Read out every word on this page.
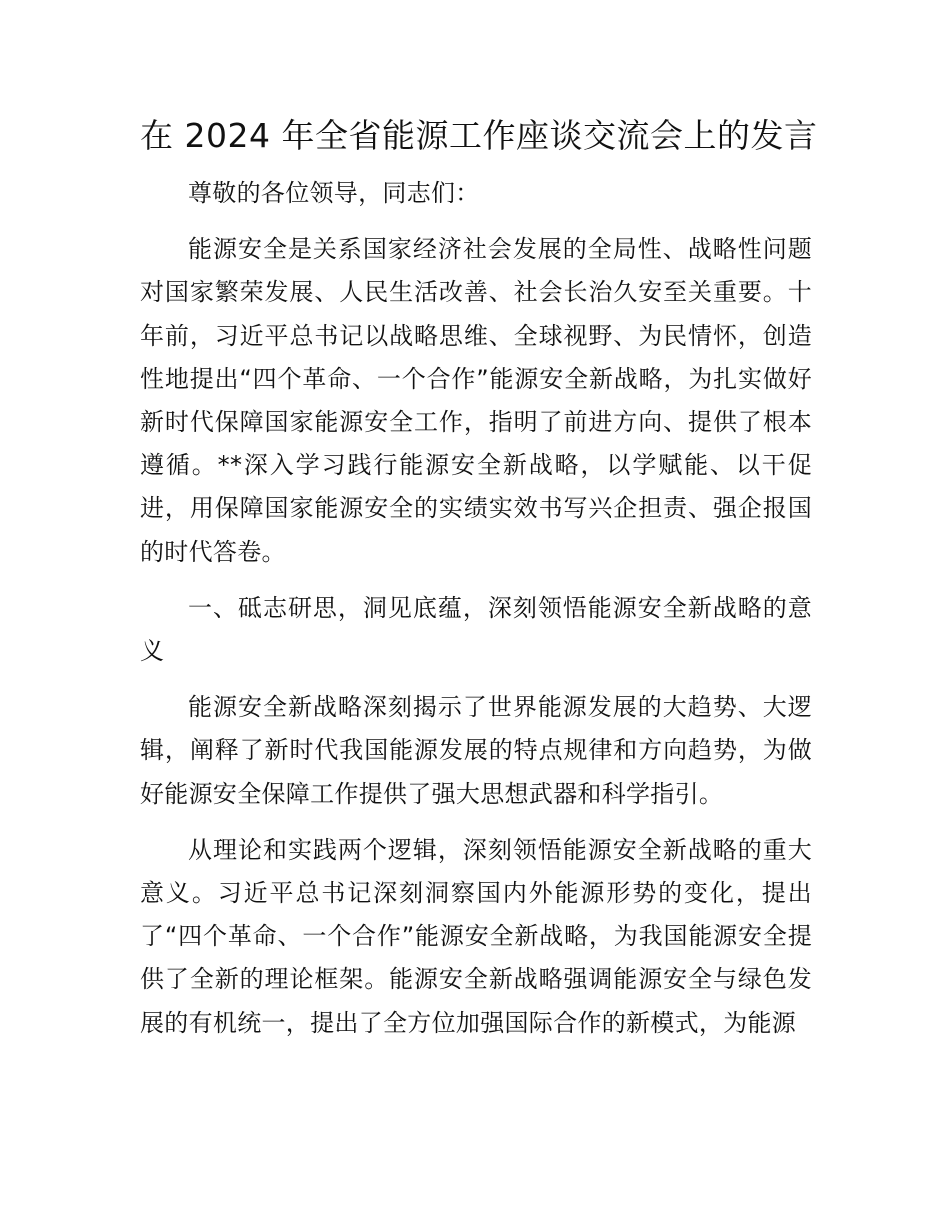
在 2024 年全省能源工作座谈交流会上的发言

尊敬的各位领导，同志们：

能源安全是关系国家经济社会发展的全局性、战略性问题对国家繁荣发展、人民生活改善、社会长治久安至关重要。十年前，习近平总书记以战略思维、全球视野、为民情怀，创造性地提出“四个革命、一个合作”能源安全新战略，为扎实做好新时代保障国家能源安全工作，指明了前进方向、提供了根本遵循。**深入学习践行能源安全新战略，以学赋能、以干促进，用保障国家能源安全的实绩实效书写兴企担责、强企报国的时代答卷。

一、砥志研思，洞见底蕴，深刻领悟能源安全新战略的意义

能源安全新战略深刻揭示了世界能源发展的大趋势、大逻辑，阐释了新时代我国能源发展的特点规律和方向趋势，为做好能源安全保障工作提供了强大思想武器和科学指引。

从理论和实践两个逻辑，深刻领悟能源安全新战略的重大意义。习近平总书记深刻洞察国内外能源形势的变化，提出了“四个革命、一个合作”能源安全新战略，为我国能源安全提供了全新的理论框架。能源安全新战略强调能源安全与绿色发展的有机统一，提出了全方位加强国际合作的新模式，为能源
